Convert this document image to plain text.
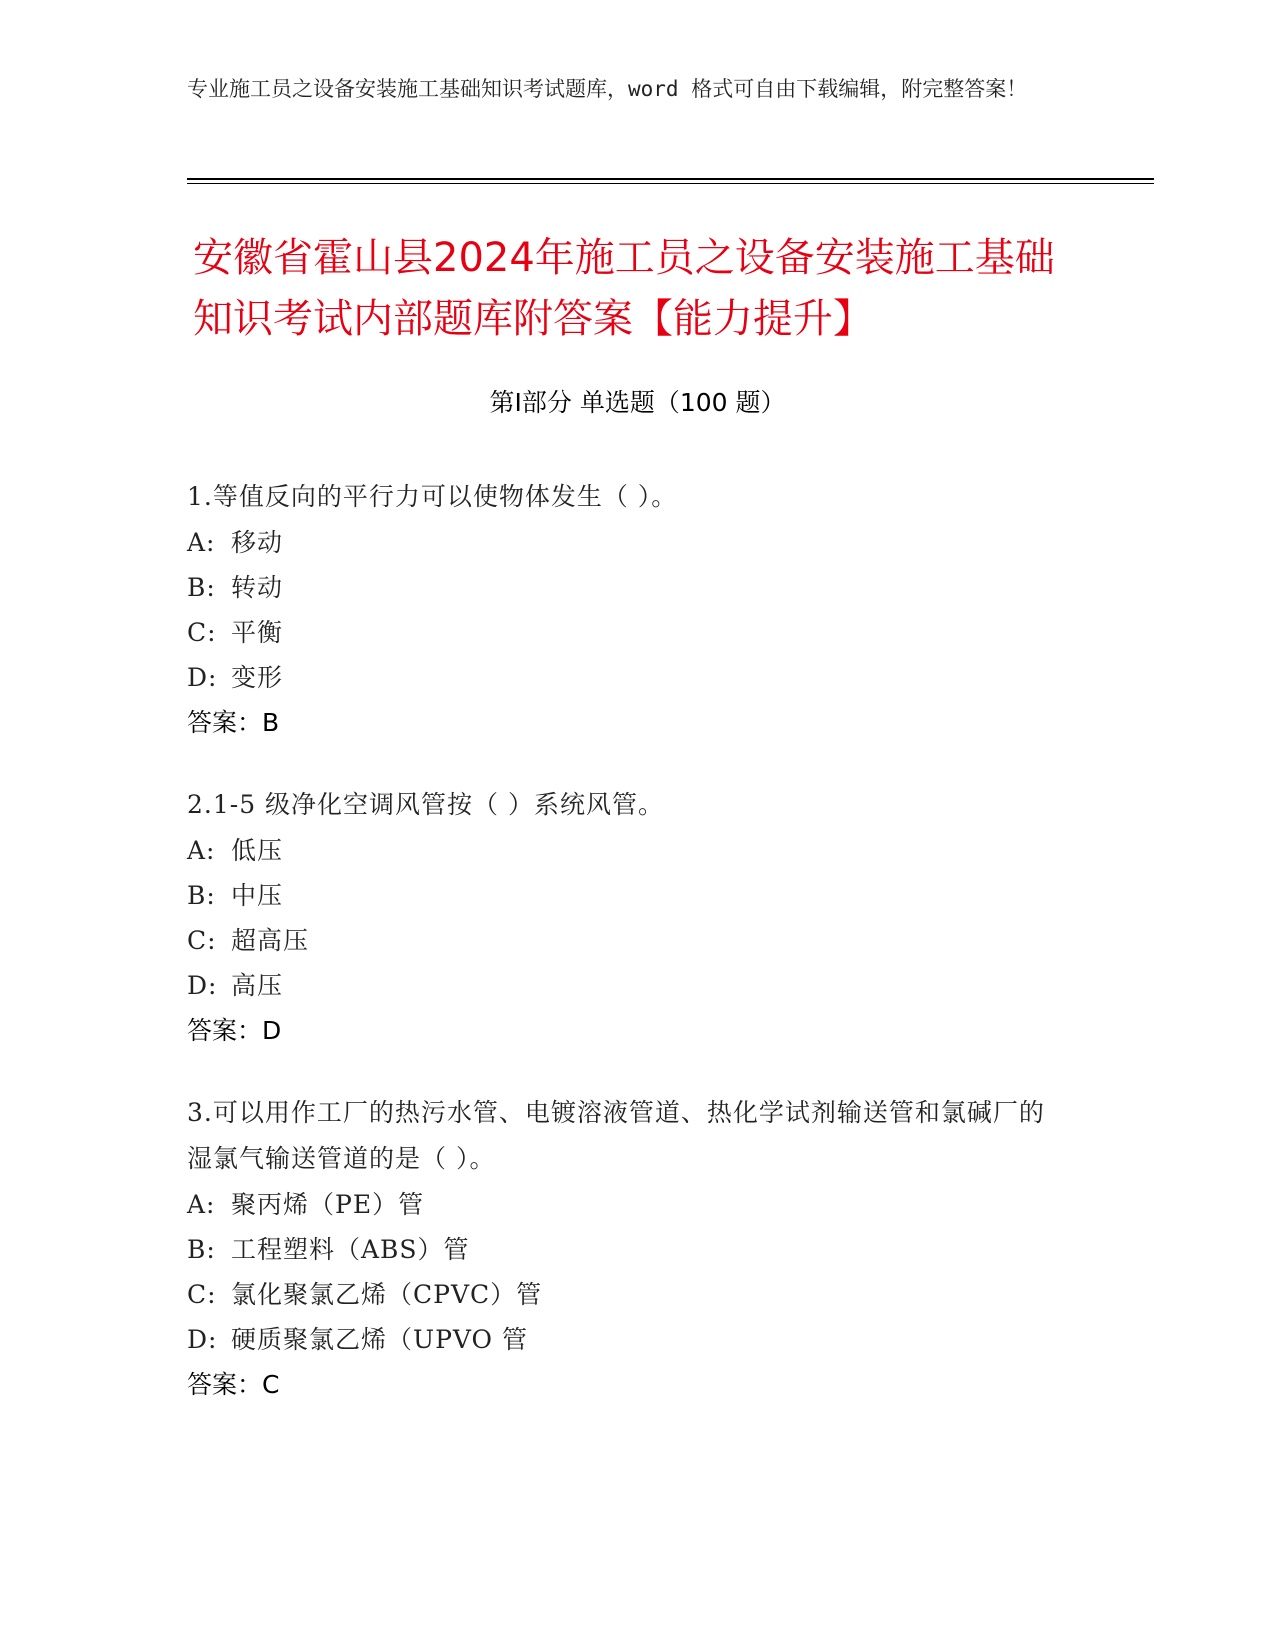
专业施工员之设备安装施工基础知识考试题库，word 格式可自由下载编辑，附完整答案！
安徽省霍山县2024年施工员之设备安装施工基础知识考试内部题库附答案【能力提升】
第Ⅰ部分 单选题（100 题）
1.等值反向的平行力可以使物体发生（ ）。
A: 移动
B: 转动
C: 平衡
D: 变形
答案：B
2.1-5 级净化空调风管按（ ）系统风管。
A: 低压
B: 中压
C: 超高压
D: 高压
答案：D
3.可以用作工厂的热污水管、电镀溶液管道、热化学试剂输送管和氯碱厂的湿氯气输送管道的是（ ）。
A: 聚丙烯（PE）管
B: 工程塑料（ABS）管
C: 氯化聚氯乙烯（CPVC）管
D: 硬质聚氯乙烯（UPVO 管
答案：C
